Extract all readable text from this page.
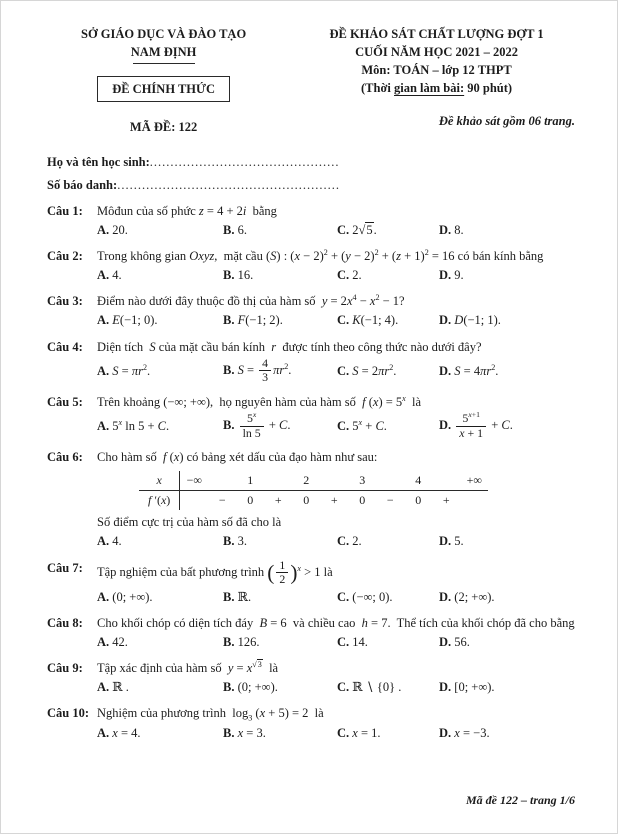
SỞ GIÁO DỤC VÀ ĐÀO TẠO
NAM ĐỊNH
ĐỀ CHÍNH THỨC
MÃ ĐỀ: 122
ĐỀ KHẢO SÁT CHẤT LƯỢNG ĐỢT 1
CUỐI NĂM HỌC 2021 – 2022
Môn: TOÁN – lớp 12 THPT
(Thời gian làm bài: 90 phút)
Đề khảo sát gồm 06 trang.
Họ và tên học sinh:..............................................
Số báo danh:......................................................
Câu 1:	Môđun của số phức z = 4 + 2i  bằng
A. 20.	B. 6.	C. 2√5.	D. 8.
Câu 2:	Trong không gian Oxyz,  mặt cầu (S) : $(x - 2)^2 + (y - 2)^2 + (z + 1)^2 = 16$ có bán kính bằng
A. 4.	B. 16.	C. 2.	D. 9.
Câu 3:	Điểm nào dưới đây thuộc đồ thị của hàm số  $y = 2x^4 - x^2 - 1$?
A. E(−1; 0).	B. F(−1; 2).	C. K(−1; 4).	D. D(−1; 1).
Câu 4:	Diện tích  S của mặt cầu bán kính  r  được tính theo công thức nào dưới đây?
A. $S = \pi r^2$.	B. $S = \frac{4}{3} \pi r^2$.	C. $S = 2\pi r^2$.	D. $S = 4\pi r^2$.
Câu 5:	Trên khoảng (−∞; +∞),  họ nguyên hàm của hàm số  f $(x) = 5^x$  là
A. 5$^x$ ln 5 + C.	B. $\frac{5^x}{\ln 5} + C$.	C. $5^x + C$.	D. $\frac{5^{x+1}}{x + 1} + C$.
Câu 6:	Cho hàm số  f (x) có bảng xét dấu của đạo hàm như sau:
x	−∞		1		2		3		4		+∞
f ′(x)		−	0	+	0	+	0	−	0	+	
Số điểm cực trị của hàm số đã cho là
A. 4.	B. 3.	C. 2.	D. 5.
Câu 7:	Tập nghiệm của bất phương trình ( $\frac{1}{2} )^x > 1$ là
A. (0; +∞).	B. ℝ.	C. (−∞; 0).	D. (2; +∞).
Câu 8:	Cho khối chóp có diện tích đáy  B = 6  và chiều cao  h = 7.  Thể tích của khối chóp đã cho bằng
A. 42.	B. 126.	C. 14.	D. 56.
Câu 9:	Tập xác định của hàm số  $y = x^{√3}$  là
A. ℝ .	B. (0; +∞).	C. ℝ ∖ {0} .	D. [0; +∞).
Câu 10: Nghiệm của phương trình  $\log_3 (x + 5) = 2$  là
A. x = 4.	B. x = 3.	C. x = 1.	D. x = −3.
Mã đề 122 – trang 1/6
